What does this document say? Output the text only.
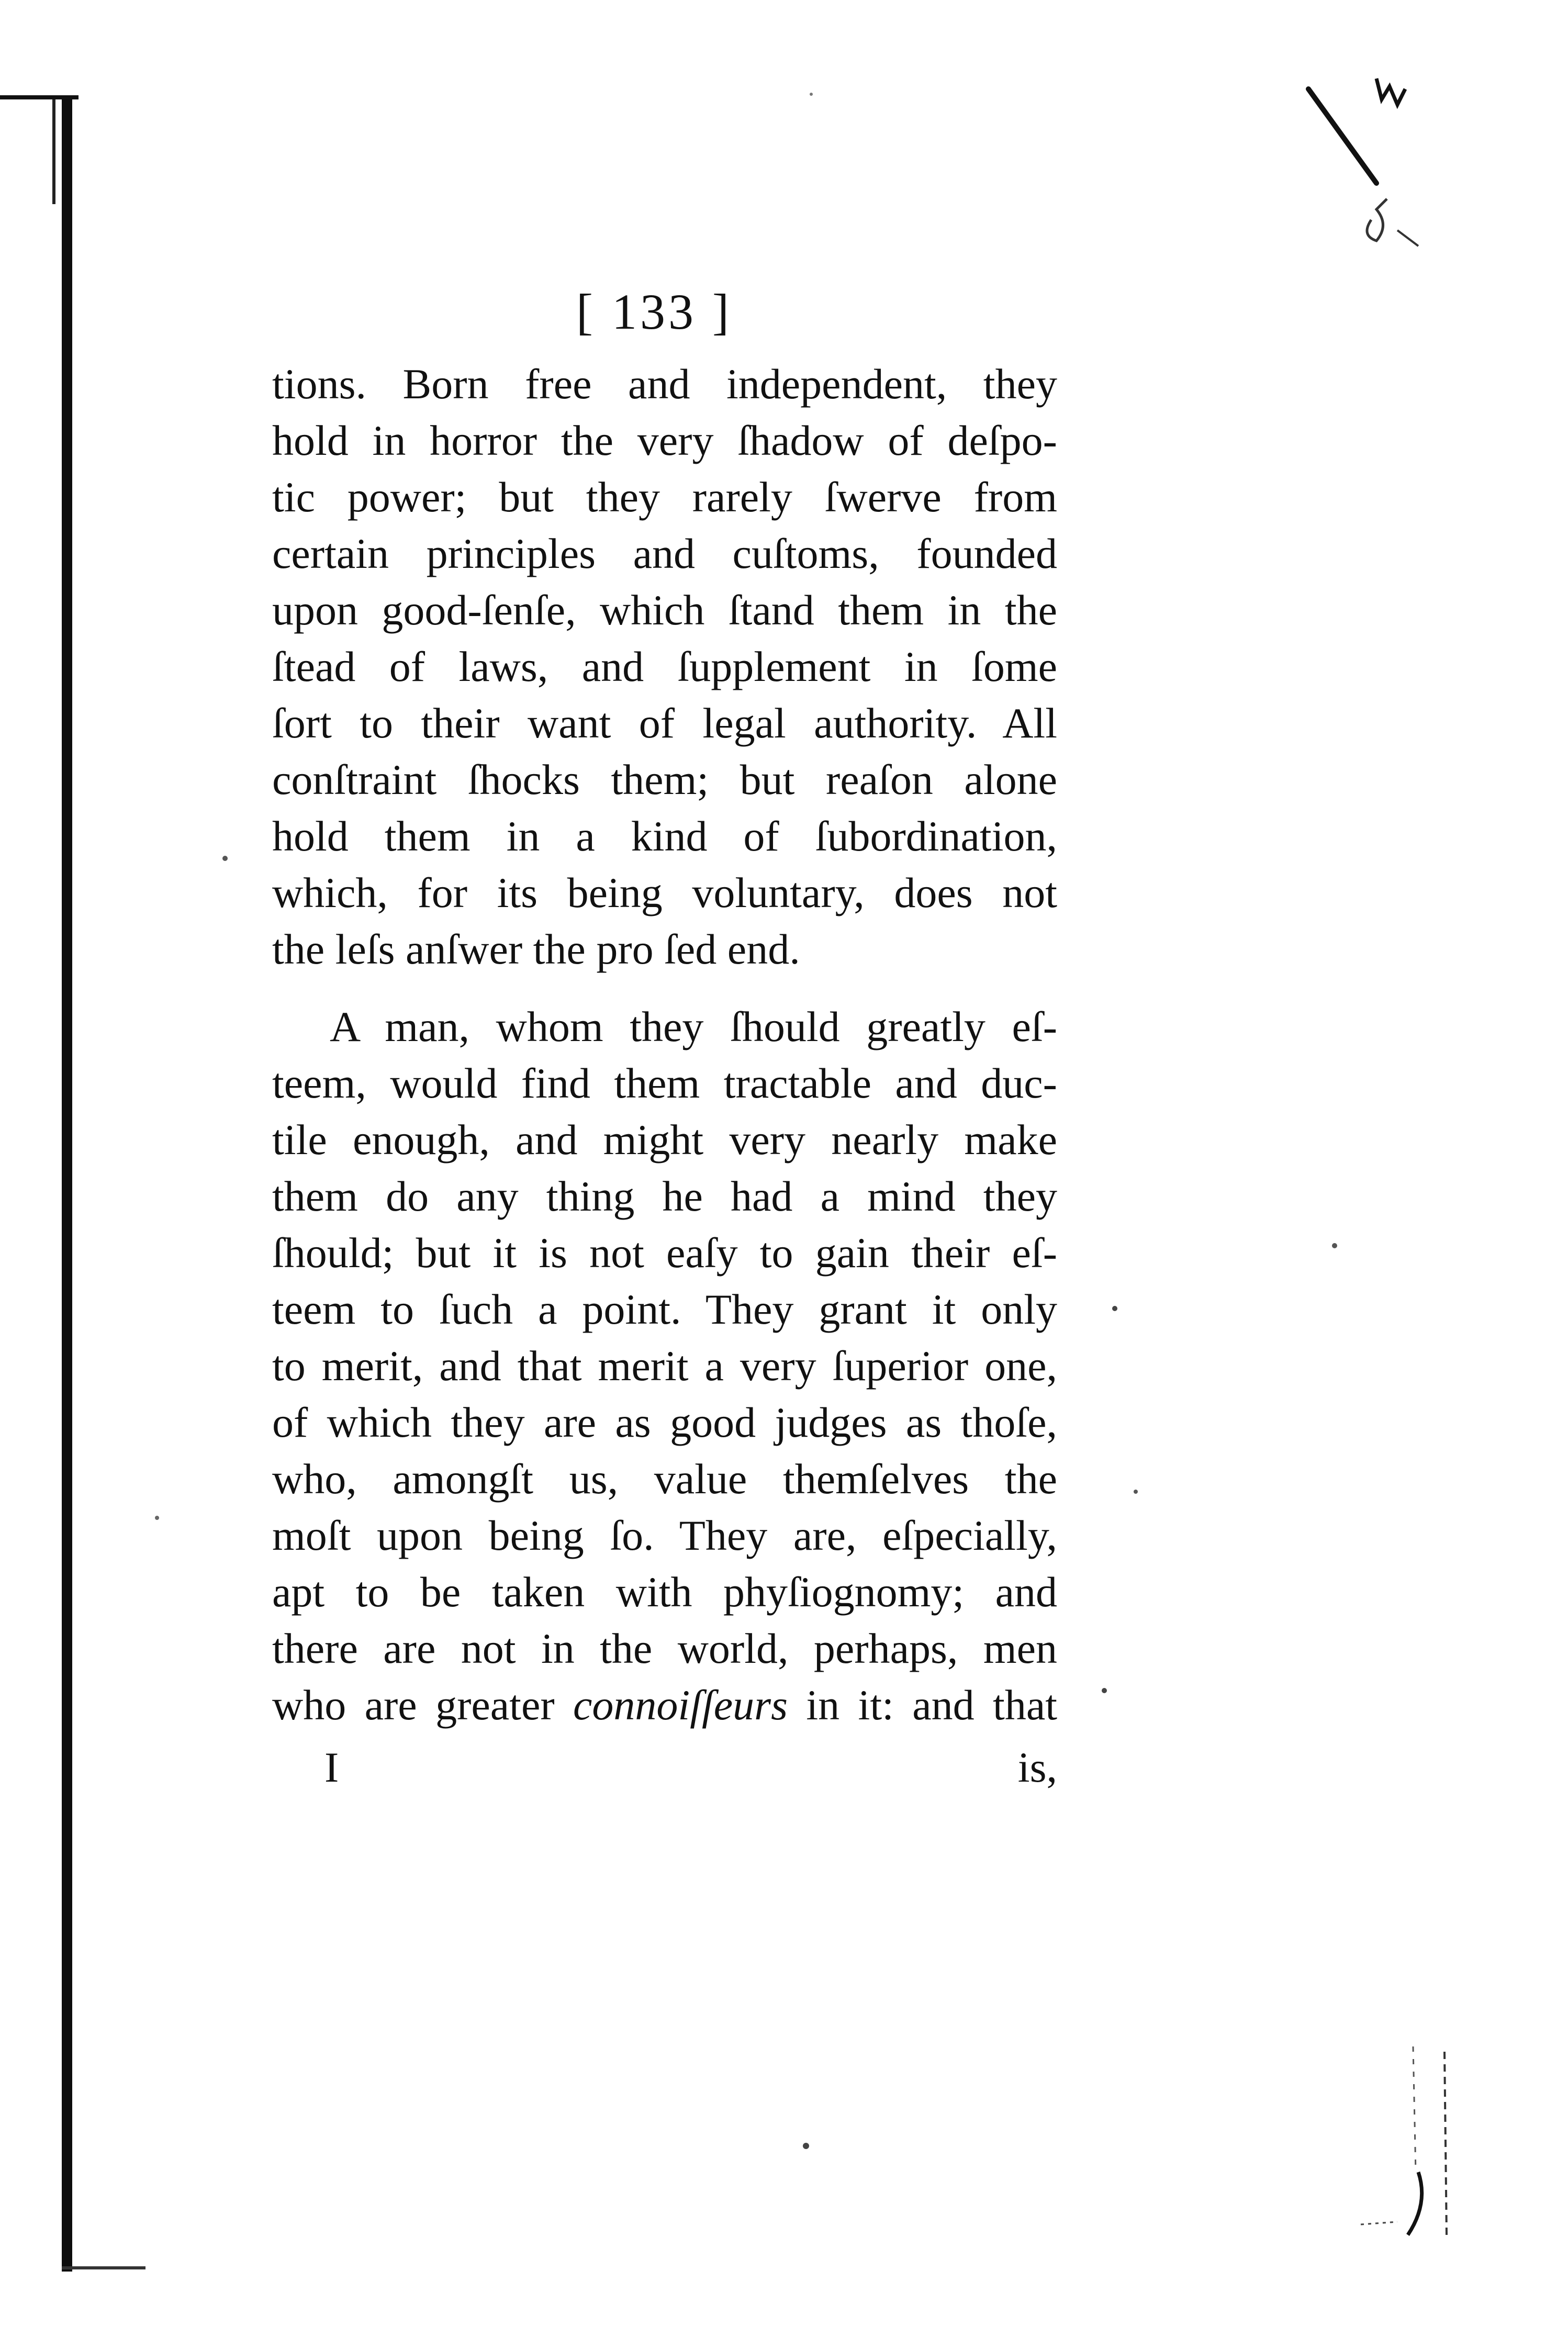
[ 133 ]
tions. Born free and independent, they
hold in horror the very ſhadow of deſpo-
tic power; but they rarely ſwerve from
certain principles and cuſtoms, founded
upon good-ſenſe, which ſtand them in the
ſtead of laws, and ſupplement in ſome
ſort to their want of legal authority. All
conſtraint ſhocks them; but reaſon alone
hold them in a kind of ſubordination,
which, for its being voluntary, does not
the leſs anſwer the pro ſed end.
A man, whom they ſhould greatly eſ-
teem, would find them tractable and duc-
tile enough, and might very nearly make
them do any thing he had a mind they
ſhould; but it is not eaſy to gain their eſ-
teem to ſuch a point. They grant it only
to merit, and that merit a very ſuperior one,
of which they are as good judges as thoſe,
who, amongſt us, value themſelves the
moſt upon being ſo. They are, eſpecially,
apt to be taken with phyſiognomy; and
there are not in the world, perhaps, men
who are greater connoiſſeurs in it: and that
I	is,
